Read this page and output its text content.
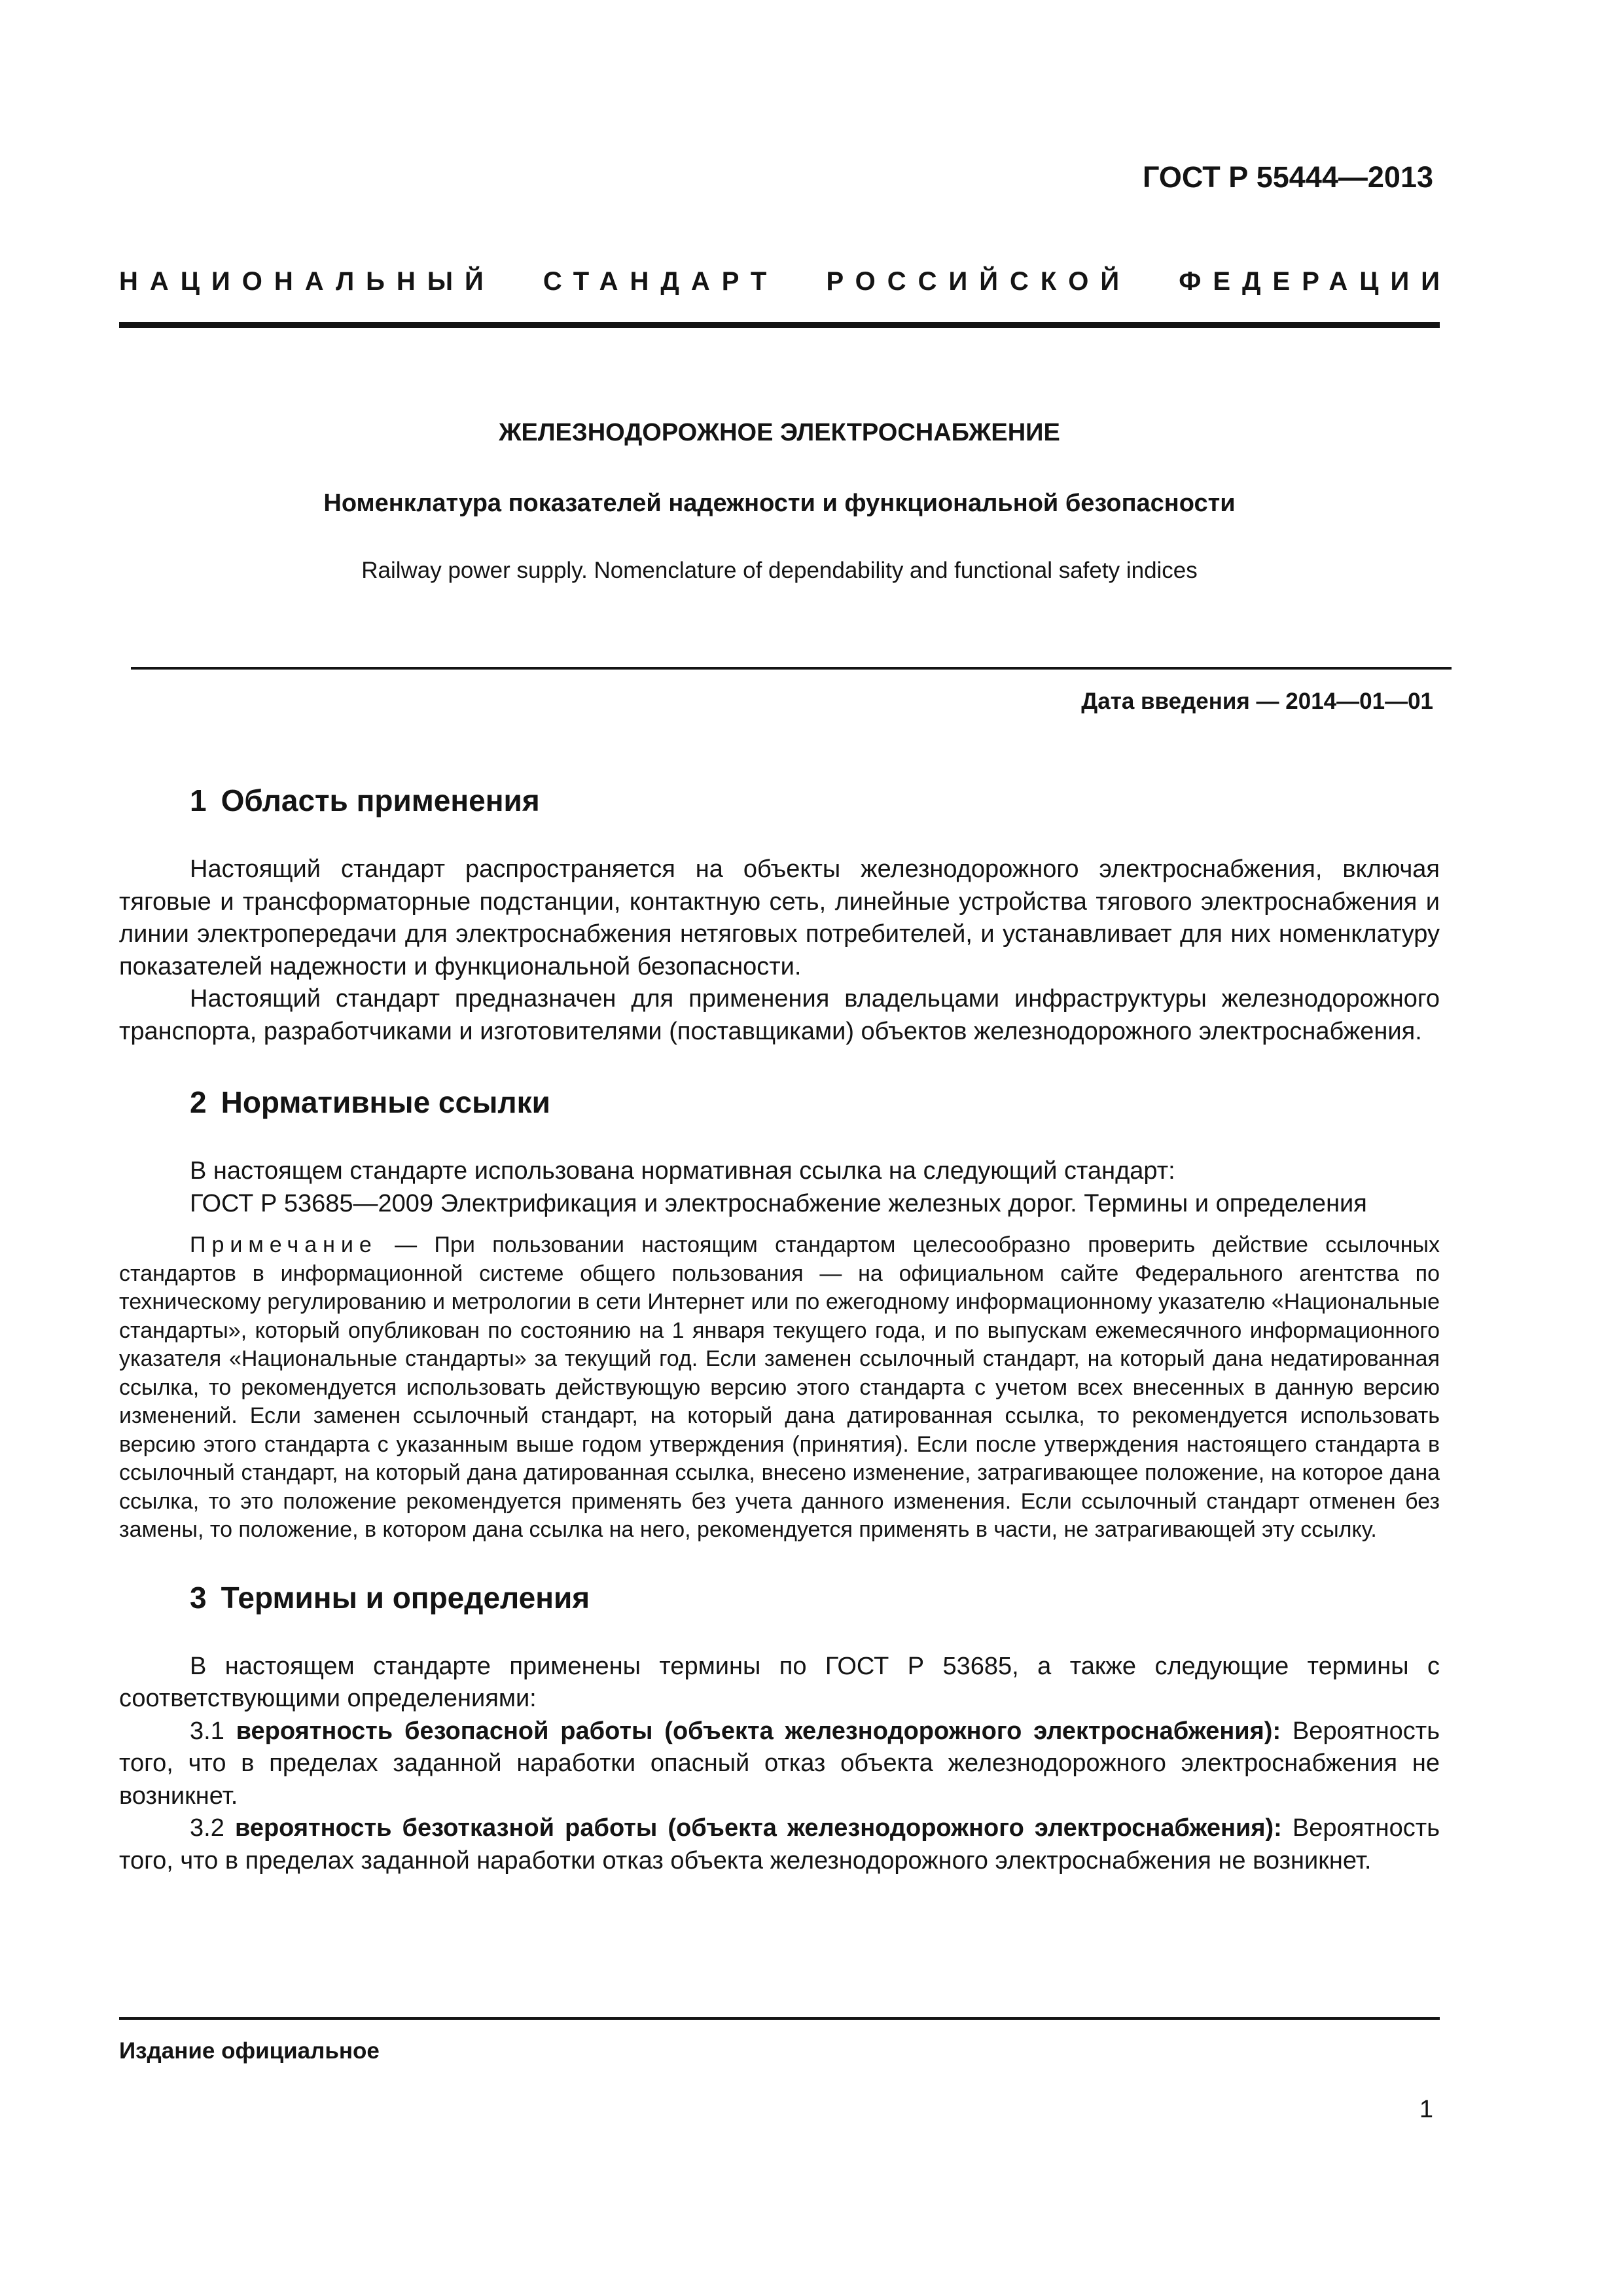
ГОСТ Р 55444—2013
НАЦИОНАЛЬНЫЙ СТАНДАРТ РОССИЙСКОЙ ФЕДЕРАЦИИ
ЖЕЛЕЗНОДОРОЖНОЕ ЭЛЕКТРОСНАБЖЕНИЕ
Номенклатура показателей надежности и функциональной безопасности
Railway power supply. Nomenclature of dependability and functional safety indices
Дата введения — 2014—01—01
1 Область применения

Настоящий стандарт распространяется на объекты железнодорожного электроснабжения, включая тяговые и трансформаторные подстанции, контактную сеть, линейные устройства тягового электроснабжения и линии электропередачи для электроснабжения нетяговых потребителей, и устанавливает для них номенклатуру показателей надежности и функциональной безопасности.

Настоящий стандарт предназначен для применения владельцами инфраструктуры железнодорожного транспорта, разработчиками и изготовителями (поставщиками) объектов железнодорожного электроснабжения.

2 Нормативные ссылки

В настоящем стандарте использована нормативная ссылка на следующий стандарт:

ГОСТ Р 53685—2009 Электрификация и электроснабжение железных дорог. Термины и определения

Примечание — При пользовании настоящим стандартом целесообразно проверить действие ссылочных стандартов в информационной системе общего пользования — на официальном сайте Федерального агентства по техническому регулированию и метрологии в сети Интернет или по ежегодному информационному указателю «Национальные стандарты», который опубликован по состоянию на 1 января текущего года, и по выпускам ежемесячного информационного указателя «Национальные стандарты» за текущий год. Если заменен ссылочный стандарт, на который дана недатированная ссылка, то рекомендуется использовать действующую версию этого стандарта с учетом всех внесенных в данную версию изменений. Если заменен ссылочный стандарт, на который дана датированная ссылка, то рекомендуется использовать версию этого стандарта с указанным выше годом утверждения (принятия). Если после утверждения настоящего стандарта в ссылочный стандарт, на который дана датированная ссылка, внесено изменение, затрагивающее положение, на которое дана ссылка, то это положение рекомендуется применять без учета данного изменения. Если ссылочный стандарт отменен без замены, то положение, в котором дана ссылка на него, рекомендуется применять в части, не затрагивающей эту ссылку.

3 Термины и определения

В настоящем стандарте применены термины по ГОСТ Р 53685, а также следующие термины с соответствующими определениями:

3.1 вероятность безопасной работы (объекта железнодорожного электроснабжения): Вероятность того, что в пределах заданной наработки опасный отказ объекта железнодорожного электроснабжения не возникнет.

3.2 вероятность безотказной работы (объекта железнодорожного электроснабжения): Вероятность того, что в пределах заданной наработки отказ объекта железнодорожного электроснабжения не возникнет.

Издание официальное
1
